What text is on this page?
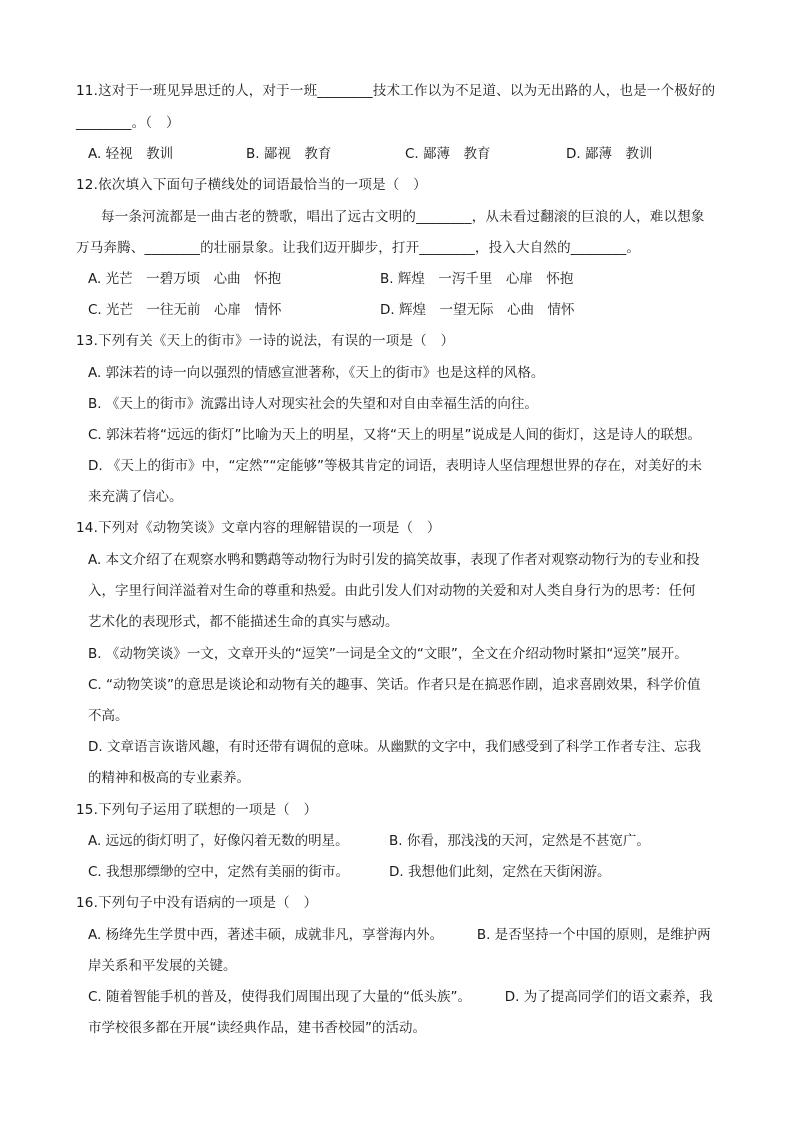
11.这对于一班见异思迁的人，对于一班________技术工作以为不足道、以为无出路的人，也是一个极好的
________。（　）
A. 轻视　教训	B. 鄙视　教育	C. 鄙薄　教育	D. 鄙薄　教训
12.依次填入下面句子横线处的词语最恰当的一项是（　）
每一条河流都是一曲古老的赞歌，唱出了远古文明的________，从未看过翻滚的巨浪的人，难以想象
万马奔腾、________的壮丽景象。让我们迈开脚步，打开________，投入大自然的________。
A. 光芒　一碧万顷　心曲　怀抱	B. 辉煌　一泻千里　心扉　怀抱
C. 光芒　一往无前　心扉　情怀	D. 辉煌　一望无际　心曲　情怀
13.下列有关《天上的街市》一诗的说法，有误的一项是（　）
A. 郭沫若的诗一向以强烈的情感宣泄著称，《天上的街市》也是这样的风格。
B. 《天上的街市》流露出诗人对现实社会的失望和对自由幸福生活的向往。
C. 郭沫若将“远远的街灯”比喻为天上的明星，又将“天上的明星”说成是人间的街灯，这是诗人的联想。
D. 《天上的街市》中，“定然”“定能够”等极其肯定的词语，表明诗人坚信理想世界的存在，对美好的未
来充满了信心。
14.下列对《动物笑谈》文章内容的理解错误的一项是（　）
A. 本文介绍了在观察水鸭和鹦鹉等动物行为时引发的搞笑故事，表现了作者对观察动物行为的专业和投
入，字里行间洋溢着对生命的尊重和热爱。由此引发人们对动物的关爱和对人类自身行为的思考：任何
艺术化的表现形式，都不能描述生命的真实与感动。
B. 《动物笑谈》一文，文章开头的“逗笑”一词是全文的“文眼”，全文在介绍动物时紧扣“逗笑”展开。
C. “动物笑谈”的意思是谈论和动物有关的趣事、笑话。作者只是在搞恶作剧，追求喜剧效果，科学价值
不高。
D. 文章语言诙谐风趣，有时还带有调侃的意味。从幽默的文字中，我们感受到了科学工作者专注、忘我
的精神和极高的专业素养。
15.下列句子运用了联想的一项是（　）
A. 远远的街灯明了，好像闪着无数的明星。	B. 你看，那浅浅的天河，定然是不甚宽广。
C. 我想那缥缈的空中，定然有美丽的街市。	D. 我想他们此刻，定然在天街闲游。
16.下列句子中没有语病的一项是（　）
A. 杨绛先生学贯中西，著述丰硕，成就非凡，享誉海内外。　　　B. 是否坚持一个中国的原则，是维护两
岸关系和平发展的关键。
C. 随着智能手机的普及，使得我们周围出现了大量的“低头族”。　　　D. 为了提高同学们的语文素养，我
市学校很多都在开展“读经典作品，建书香校园”的活动。
